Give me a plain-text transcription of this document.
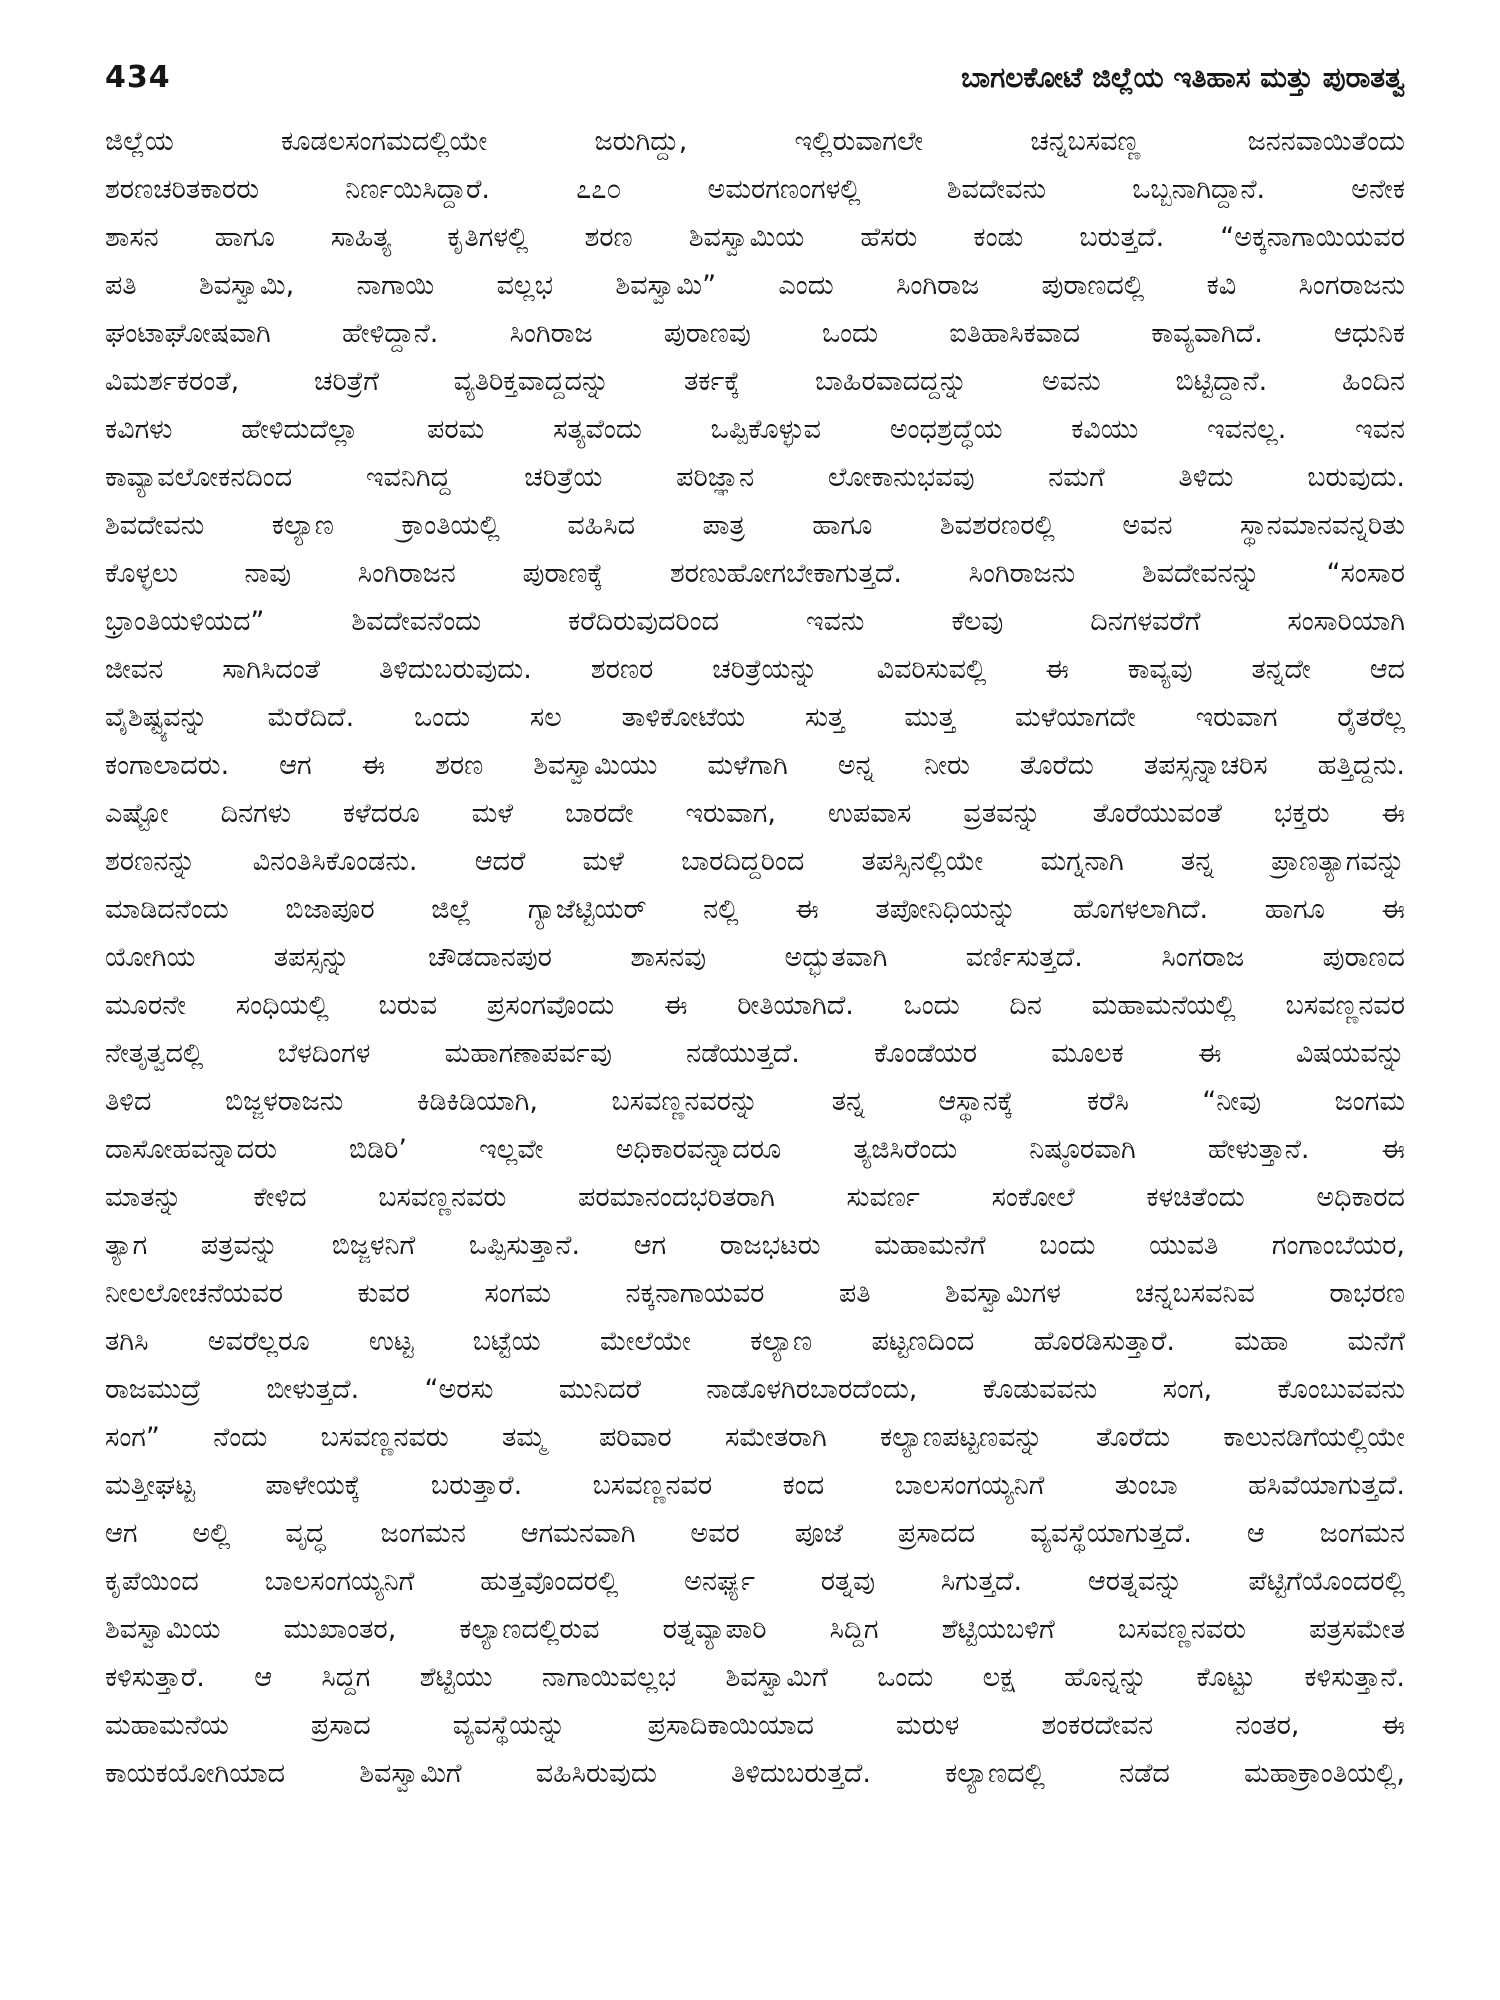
434	ಬಾಗಲಕೋಟೆ ಜಿಲ್ಲೆಯ ಇತಿಹಾಸ ಮತ್ತು ಪುರಾತತ್ವ
ಜಿಲ್ಲೆಯ ಕೂಡಲಸಂಗಮದಲ್ಲಿಯೇ ಜರುಗಿದ್ದು, ಇಲ್ಲಿರುವಾಗಲೇ ಚನ್ನಬಸವಣ್ಣ ಜನನವಾಯಿತೆಂದು
ಶರಣಚರಿತಕಾರರು ನಿರ್ಣಯಿಸಿದ್ದಾರೆ. ೭೭೦ ಅಮರಗಣಂಗಳಲ್ಲಿ ಶಿವದೇವನು ಒಬ್ಬನಾಗಿದ್ದಾನೆ. ಅನೇಕ
ಶಾಸನ ಹಾಗೂ ಸಾಹಿತ್ಯ ಕೃತಿಗಳಲ್ಲಿ ಶರಣ ಶಿವಸ್ವಾಮಿಯ ಹೆಸರು ಕಂಡು ಬರುತ್ತದೆ. “ಅಕ್ಕನಾಗಾಯಿಯವರ
ಪತಿ ಶಿವಸ್ವಾಮಿ, ನಾಗಾಯಿ ವಲ್ಲಭ ಶಿವಸ್ವಾಮಿ” ಎಂದು ಸಿಂಗಿರಾಜ ಪುರಾಣದಲ್ಲಿ ಕವಿ ಸಿಂಗರಾಜನು
ಘಂಟಾಘೋಷವಾಗಿ ಹೇಳಿದ್ದಾನೆ. ಸಿಂಗಿರಾಜ ಪುರಾಣವು ಒಂದು ಐತಿಹಾಸಿಕವಾದ ಕಾವ್ಯವಾಗಿದೆ. ಆಧುನಿಕ
ವಿಮರ್ಶಕರಂತೆ, ಚರಿತ್ರೆಗೆ ವ್ಯತಿರಿಕ್ತವಾದ್ದದನ್ನು ತರ್ಕಕ್ಕೆ ಬಾಹಿರವಾದದ್ದನ್ನು ಅವನು ಬಿಟ್ಟಿದ್ದಾನೆ. ಹಿಂದಿನ
ಕವಿಗಳು ಹೇಳಿದುದೆಲ್ಲಾ ಪರಮ ಸತ್ಯವೆಂದು ಒಪ್ಪಿಕೊಳ್ಳುವ ಅಂಧಶ್ರದ್ಧೆಯ ಕವಿಯು ಇವನಲ್ಲ. ಇವನ
ಕಾವ್ಯಾವಲೋಕನದಿಂದ ಇವನಿಗಿದ್ದ ಚರಿತ್ರೆಯ ಪರಿಜ್ಞಾನ ಲೋಕಾನುಭವವು ನಮಗೆ ತಿಳಿದು ಬರುವುದು.
ಶಿವದೇವನು ಕಲ್ಯಾಣ ಕ್ರಾಂತಿಯಲ್ಲಿ ವಹಿಸಿದ ಪಾತ್ರ ಹಾಗೂ ಶಿವಶರಣರಲ್ಲಿ ಅವನ ಸ್ಥಾನಮಾನವನ್ನರಿತು
ಕೊಳ್ಳಲು ನಾವು ಸಿಂಗಿರಾಜನ ಪುರಾಣಕ್ಕೆ ಶರಣುಹೋಗಬೇಕಾಗುತ್ತದೆ. ಸಿಂಗಿರಾಜನು ಶಿವದೇವನನ್ನು “ಸಂಸಾರ
ಭ್ರಾಂತಿಯಳಿಯದ” ಶಿವದೇವನೆಂದು ಕರೆದಿರುವುದರಿಂದ ಇವನು ಕೆಲವು ದಿನಗಳವರೆಗೆ ಸಂಸಾರಿಯಾಗಿ
ಜೀವನ ಸಾಗಿಸಿದಂತೆ ತಿಳಿದುಬರುವುದು. ಶರಣರ ಚರಿತ್ರೆಯನ್ನು ವಿವರಿಸುವಲ್ಲಿ ಈ ಕಾವ್ಯವು ತನ್ನದೇ ಆದ
ವೈಶಿಷ್ಟ್ಯವನ್ನು ಮೆರೆದಿದೆ. ಒಂದು ಸಲ ತಾಳಿಕೋಟೆಯ ಸುತ್ತ ಮುತ್ತ ಮಳೆಯಾಗದೇ ಇರುವಾಗ ರೈತರೆಲ್ಲ
ಕಂಗಾಲಾದರು. ಆಗ ಈ ಶರಣ ಶಿವಸ್ವಾಮಿಯು ಮಳೆಗಾಗಿ ಅನ್ನ ನೀರು ತೊರೆದು ತಪಸ್ಸನ್ನಾಚರಿಸ ಹತ್ತಿದ್ದನು.
ಎಷ್ಟೋ ದಿನಗಳು ಕಳೆದರೂ ಮಳೆ ಬಾರದೇ ಇರುವಾಗ, ಉಪವಾಸ ವ್ರತವನ್ನು ತೊರೆಯುವಂತೆ ಭಕ್ತರು ಈ
ಶರಣನನ್ನು ವಿನಂತಿಸಿಕೊಂಡನು. ಆದರೆ ಮಳೆ ಬಾರದಿದ್ದರಿಂದ ತಪಸ್ಸಿನಲ್ಲಿಯೇ ಮಗ್ನನಾಗಿ ತನ್ನ ಪ್ರಾಣತ್ಯಾಗವನ್ನು
ಮಾಡಿದನೆಂದು ಬಿಜಾಪೂರ ಜಿಲ್ಲೆ ಗ್ಯಾಜೆಟ್ಟಿಯರ್ ನಲ್ಲಿ ಈ ತಪೋನಿಧಿಯನ್ನು ಹೊಗಳಲಾಗಿದೆ. ಹಾಗೂ ಈ
ಯೋಗಿಯ ತಪಸ್ಸನ್ನು ಚೌಡದಾನಪುರ ಶಾಸನವು ಅದ್ಭುತವಾಗಿ ವರ್ಣಿಸುತ್ತದೆ. ಸಿಂಗರಾಜ ಪುರಾಣದ
ಮೂರನೇ ಸಂಧಿಯಲ್ಲಿ ಬರುವ ಪ್ರಸಂಗವೊಂದು ಈ ರೀತಿಯಾಗಿದೆ. ಒಂದು ದಿನ ಮಹಾಮನೆಯಲ್ಲಿ ಬಸವಣ್ಣನವರ
ನೇತೃತ್ವದಲ್ಲಿ ಬೆಳದಿಂಗಳ ಮಹಾಗಣಾಪರ್ವವು ನಡೆಯುತ್ತದೆ. ಕೊಂಡೆಯರ ಮೂಲಕ ಈ ವಿಷಯವನ್ನು
ತಿಳಿದ ಬಿಜ್ಜಳರಾಜನು ಕಿಡಿಕಿಡಿಯಾಗಿ, ಬಸವಣ್ಣನವರನ್ನು ತನ್ನ ಆಸ್ಥಾನಕ್ಕೆ ಕರೆಸಿ “ನೀವು ಜಂಗಮ
ದಾಸೋಹವನ್ನಾದರು ಬಿಡಿರಿ’ ಇಲ್ಲವೇ ಅಧಿಕಾರವನ್ನಾದರೂ ತ್ಯಜಿಸಿರೆಂದು ನಿಷ್ಠೂರವಾಗಿ ಹೇಳುತ್ತಾನೆ. ಈ
ಮಾತನ್ನು ಕೇಳಿದ ಬಸವಣ್ಣನವರು ಪರಮಾನಂದಭರಿತರಾಗಿ ಸುವರ್ಣ ಸಂಕೋಲೆ ಕಳಚಿತೆಂದು ಅಧಿಕಾರದ
ತ್ಯಾಗ ಪತ್ರವನ್ನು ಬಿಜ್ಜಳನಿಗೆ ಒಪ್ಪಿಸುತ್ತಾನೆ. ಆಗ ರಾಜಭಟರು ಮಹಾಮನೆಗೆ ಬಂದು ಯುವತಿ ಗಂಗಾಂಬೆಯರ,
ನೀಲಲೋಚನೆಯವರ ಕುವರ ಸಂಗಮ ನಕ್ಕನಾಗಾಯವರ ಪತಿ ಶಿವಸ್ವಾಮಿಗಳ ಚನ್ನಬಸವನಿವ ರಾಭರಣ
ತಗಿಸಿ ಅವರೆಲ್ಲರೂ ಉಟ್ಟ ಬಟ್ಟೆಯ ಮೇಲೆಯೇ ಕಲ್ಯಾಣ ಪಟ್ಟಣದಿಂದ ಹೊರಡಿಸುತ್ತಾರೆ. ಮಹಾ ಮನೆಗೆ
ರಾಜಮುದ್ರೆ ಬೀಳುತ್ತದೆ. “ಅರಸು ಮುನಿದರೆ ನಾಡೊಳಗಿರಬಾರದೆಂದು, ಕೊಡುವವನು ಸಂಗ, ಕೊಂಬುವವನು
ಸಂಗ” ನೆಂದು ಬಸವಣ್ಣನವರು ತಮ್ಮ ಪರಿವಾರ ಸಮೇತರಾಗಿ ಕಲ್ಯಾಣಪಟ್ಟಣವನ್ನು ತೊರೆದು ಕಾಲುನಡಿಗೆಯಲ್ಲಿಯೇ
ಮತ್ತೀಘಟ್ಟ ಪಾಳೇಯಕ್ಕೆ ಬರುತ್ತಾರೆ. ಬಸವಣ್ಣನವರ ಕಂದ ಬಾಲಸಂಗಯ್ಯನಿಗೆ ತುಂಬಾ ಹಸಿವೆಯಾಗುತ್ತದೆ.
ಆಗ ಅಲ್ಲಿ ವೃದ್ಧ ಜಂಗಮನ ಆಗಮನವಾಗಿ ಅವರ ಪೂಜೆ ಪ್ರಸಾದದ ವ್ಯವಸ್ಥೆಯಾಗುತ್ತದೆ. ಆ ಜಂಗಮನ
ಕೃಪೆಯಿಂದ ಬಾಲಸಂಗಯ್ಯನಿಗೆ ಹುತ್ತವೊಂದರಲ್ಲಿ ಅನರ್ಘ್ಯ ರತ್ನವು ಸಿಗುತ್ತದೆ. ಆರತ್ನವನ್ನು ಪೆಟ್ಟಿಗೆಯೊಂದರಲ್ಲಿ
ಶಿವಸ್ವಾಮಿಯ ಮುಖಾಂತರ, ಕಲ್ಯಾಣದಲ್ಲಿರುವ ರತ್ನವ್ಯಾಪಾರಿ ಸಿದ್ದಿಗ ಶೆಟ್ಟಿಯಬಳಿಗೆ ಬಸವಣ್ಣನವರು ಪತ್ರಸಮೇತ
ಕಳಿಸುತ್ತಾರೆ. ಆ ಸಿದ್ದಗ ಶೆಟ್ಟಿಯು ನಾಗಾಯಿವಲ್ಲಭ ಶಿವಸ್ವಾಮಿಗೆ ಒಂದು ಲಕ್ಷ ಹೊನ್ನನ್ನು ಕೊಟ್ಟು ಕಳಿಸುತ್ತಾನೆ.
ಮಹಾಮನೆಯ ಪ್ರಸಾದ ವ್ಯವಸ್ಥೆಯನ್ನು ಪ್ರಸಾದಿಕಾಯಿಯಾದ ಮರುಳ ಶಂಕರದೇವನ ನಂತರ, ಈ
ಕಾಯಕಯೋಗಿಯಾದ ಶಿವಸ್ವಾಮಿಗೆ ವಹಿಸಿರುವುದು ತಿಳಿದುಬರುತ್ತದೆ. ಕಲ್ಯಾಣದಲ್ಲಿ ನಡೆದ ಮಹಾಕ್ರಾಂತಿಯಲ್ಲಿ,
